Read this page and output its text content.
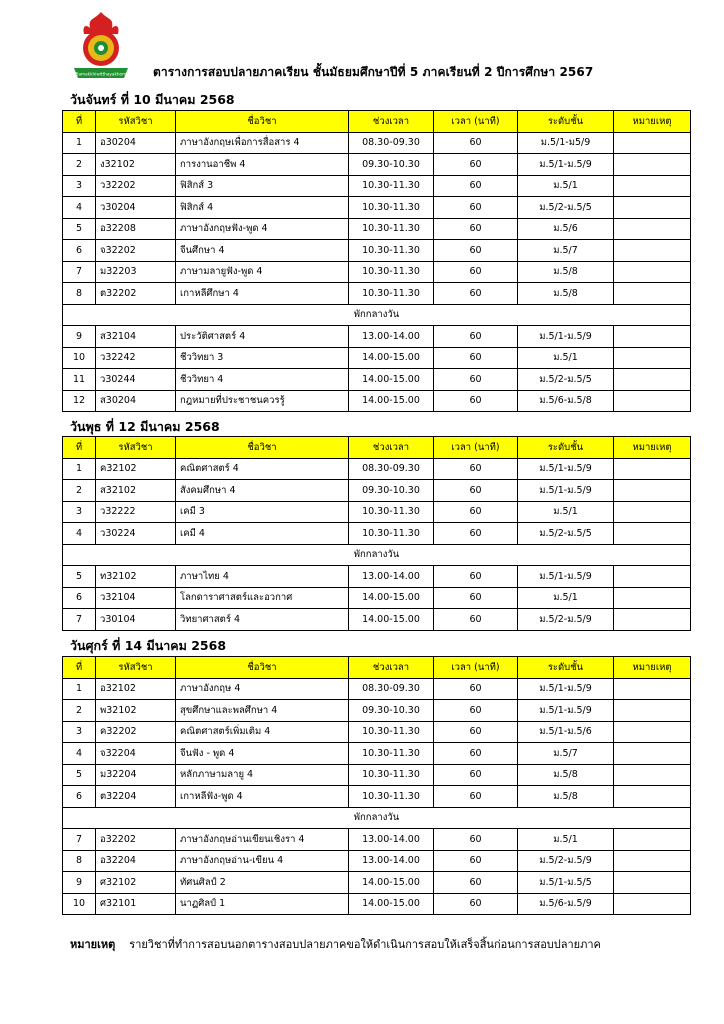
Samakkhiwitthayakhom ตารางการสอบปลายภาคเรียน ชั้นมัธยมศึกษาปีที่ 5 ภาคเรียนที่ 2 ปีการศึกษา 2567
วันจันทร์ ที่ 10 มีนาคม 2568
ที่	รหัสวิชา	ชื่อวิชา	ช่วงเวลา	เวลา (นาที)	ระดับชั้น	หมายเหตุ
1	อ30204	ภาษาอังกฤษเพื่อการสื่อสาร 4	08.30-09.30	60	ม.5/1-ม5/9	
2	ง32102	การงานอาชีพ 4	09.30-10.30	60	ม.5/1-ม.5/9	
3	ว32202	ฟิสิกส์ 3	10.30-11.30	60	ม.5/1	
4	ว30204	ฟิสิกส์ 4	10.30-11.30	60	ม.5/2-ม.5/5	
5	อ32208	ภาษาอังกฤษฟัง-พูด 4	10.30-11.30	60	ม.5/6	
6	จ32202	จีนศึกษา 4	10.30-11.30	60	ม.5/7	
7	ม32203	ภาษามลายูฟัง-พูด 4	10.30-11.30	60	ม.5/8	
8	ต32202	เกาหลีศึกษา 4	10.30-11.30	60	ม.5/8	
พักกลางวัน						
9	ส32104	ประวัติศาสตร์ 4	13.00-14.00	60	ม.5/1-ม.5/9	
10	ว32242	ชีววิทยา 3	14.00-15.00	60	ม.5/1	
11	ว30244	ชีววิทยา 4	14.00-15.00	60	ม.5/2-ม.5/5	
12	ส30204	กฎหมายที่ประชาชนควรรู้	14.00-15.00	60	ม.5/6-ม.5/8	
วันพุธ ที่ 12 มีนาคม 2568
ที่	รหัสวิชา	ชื่อวิชา	ช่วงเวลา	เวลา (นาที)	ระดับชั้น	หมายเหตุ
1	ค32102	คณิตศาสตร์ 4	08.30-09.30	60	ม.5/1-ม.5/9	
2	ส32102	สังคมศึกษา 4	09.30-10.30	60	ม.5/1-ม.5/9	
3	ว32222	เคมี 3	10.30-11.30	60	ม.5/1	
4	ว30224	เคมี 4	10.30-11.30	60	ม.5/2-ม.5/5	
พักกลางวัน						
5	ท32102	ภาษาไทย 4	13.00-14.00	60	ม.5/1-ม.5/9	
6	ว32104	โลกดาราศาสตร์และอวกาศ	14.00-15.00	60	ม.5/1	
7	ว30104	วิทยาศาสตร์ 4	14.00-15.00	60	ม.5/2-ม.5/9	
วันศุกร์ ที่ 14 มีนาคม 2568
ที่	รหัสวิชา	ชื่อวิชา	ช่วงเวลา	เวลา (นาที)	ระดับชั้น	หมายเหตุ
1	อ32102	ภาษาอังกฤษ 4	08.30-09.30	60	ม.5/1-ม.5/9	
2	พ32102	สุขศึกษาและพลศึกษา 4	09.30-10.30	60	ม.5/1-ม.5/9	
3	ค32202	คณิตศาสตร์เพิ่มเติม 4	10.30-11.30	60	ม.5/1-ม.5/6	
4	จ32204	จีนฟัง - พูด 4	10.30-11.30	60	ม.5/7	
5	ม32204	หลักภาษามลายู 4	10.30-11.30	60	ม.5/8	
6	ต32204	เกาหลีฟัง-พูด 4	10.30-11.30	60	ม.5/8	
พักกลางวัน						
7	อ32202	ภาษาอังกฤษอ่านเขียนเชิงรา 4	13.00-14.00	60	ม.5/1	
8	อ32204	ภาษาอังกฤษอ่าน-เขียน 4	13.00-14.00	60	ม.5/2-ม.5/9	
9	ศ32102	ทัศนศิลป์ 2	14.00-15.00	60	ม.5/1-ม.5/5	
10	ศ32101	นาฏศิลป์ 1	14.00-15.00	60	ม.5/6-ม.5/9	
หมายเหตุ รายวิชาที่ทำการสอบนอกตารางสอบปลายภาคขอให้ดำเนินการสอบให้เสร็จสิ้นก่อนการสอบปลายภาค
